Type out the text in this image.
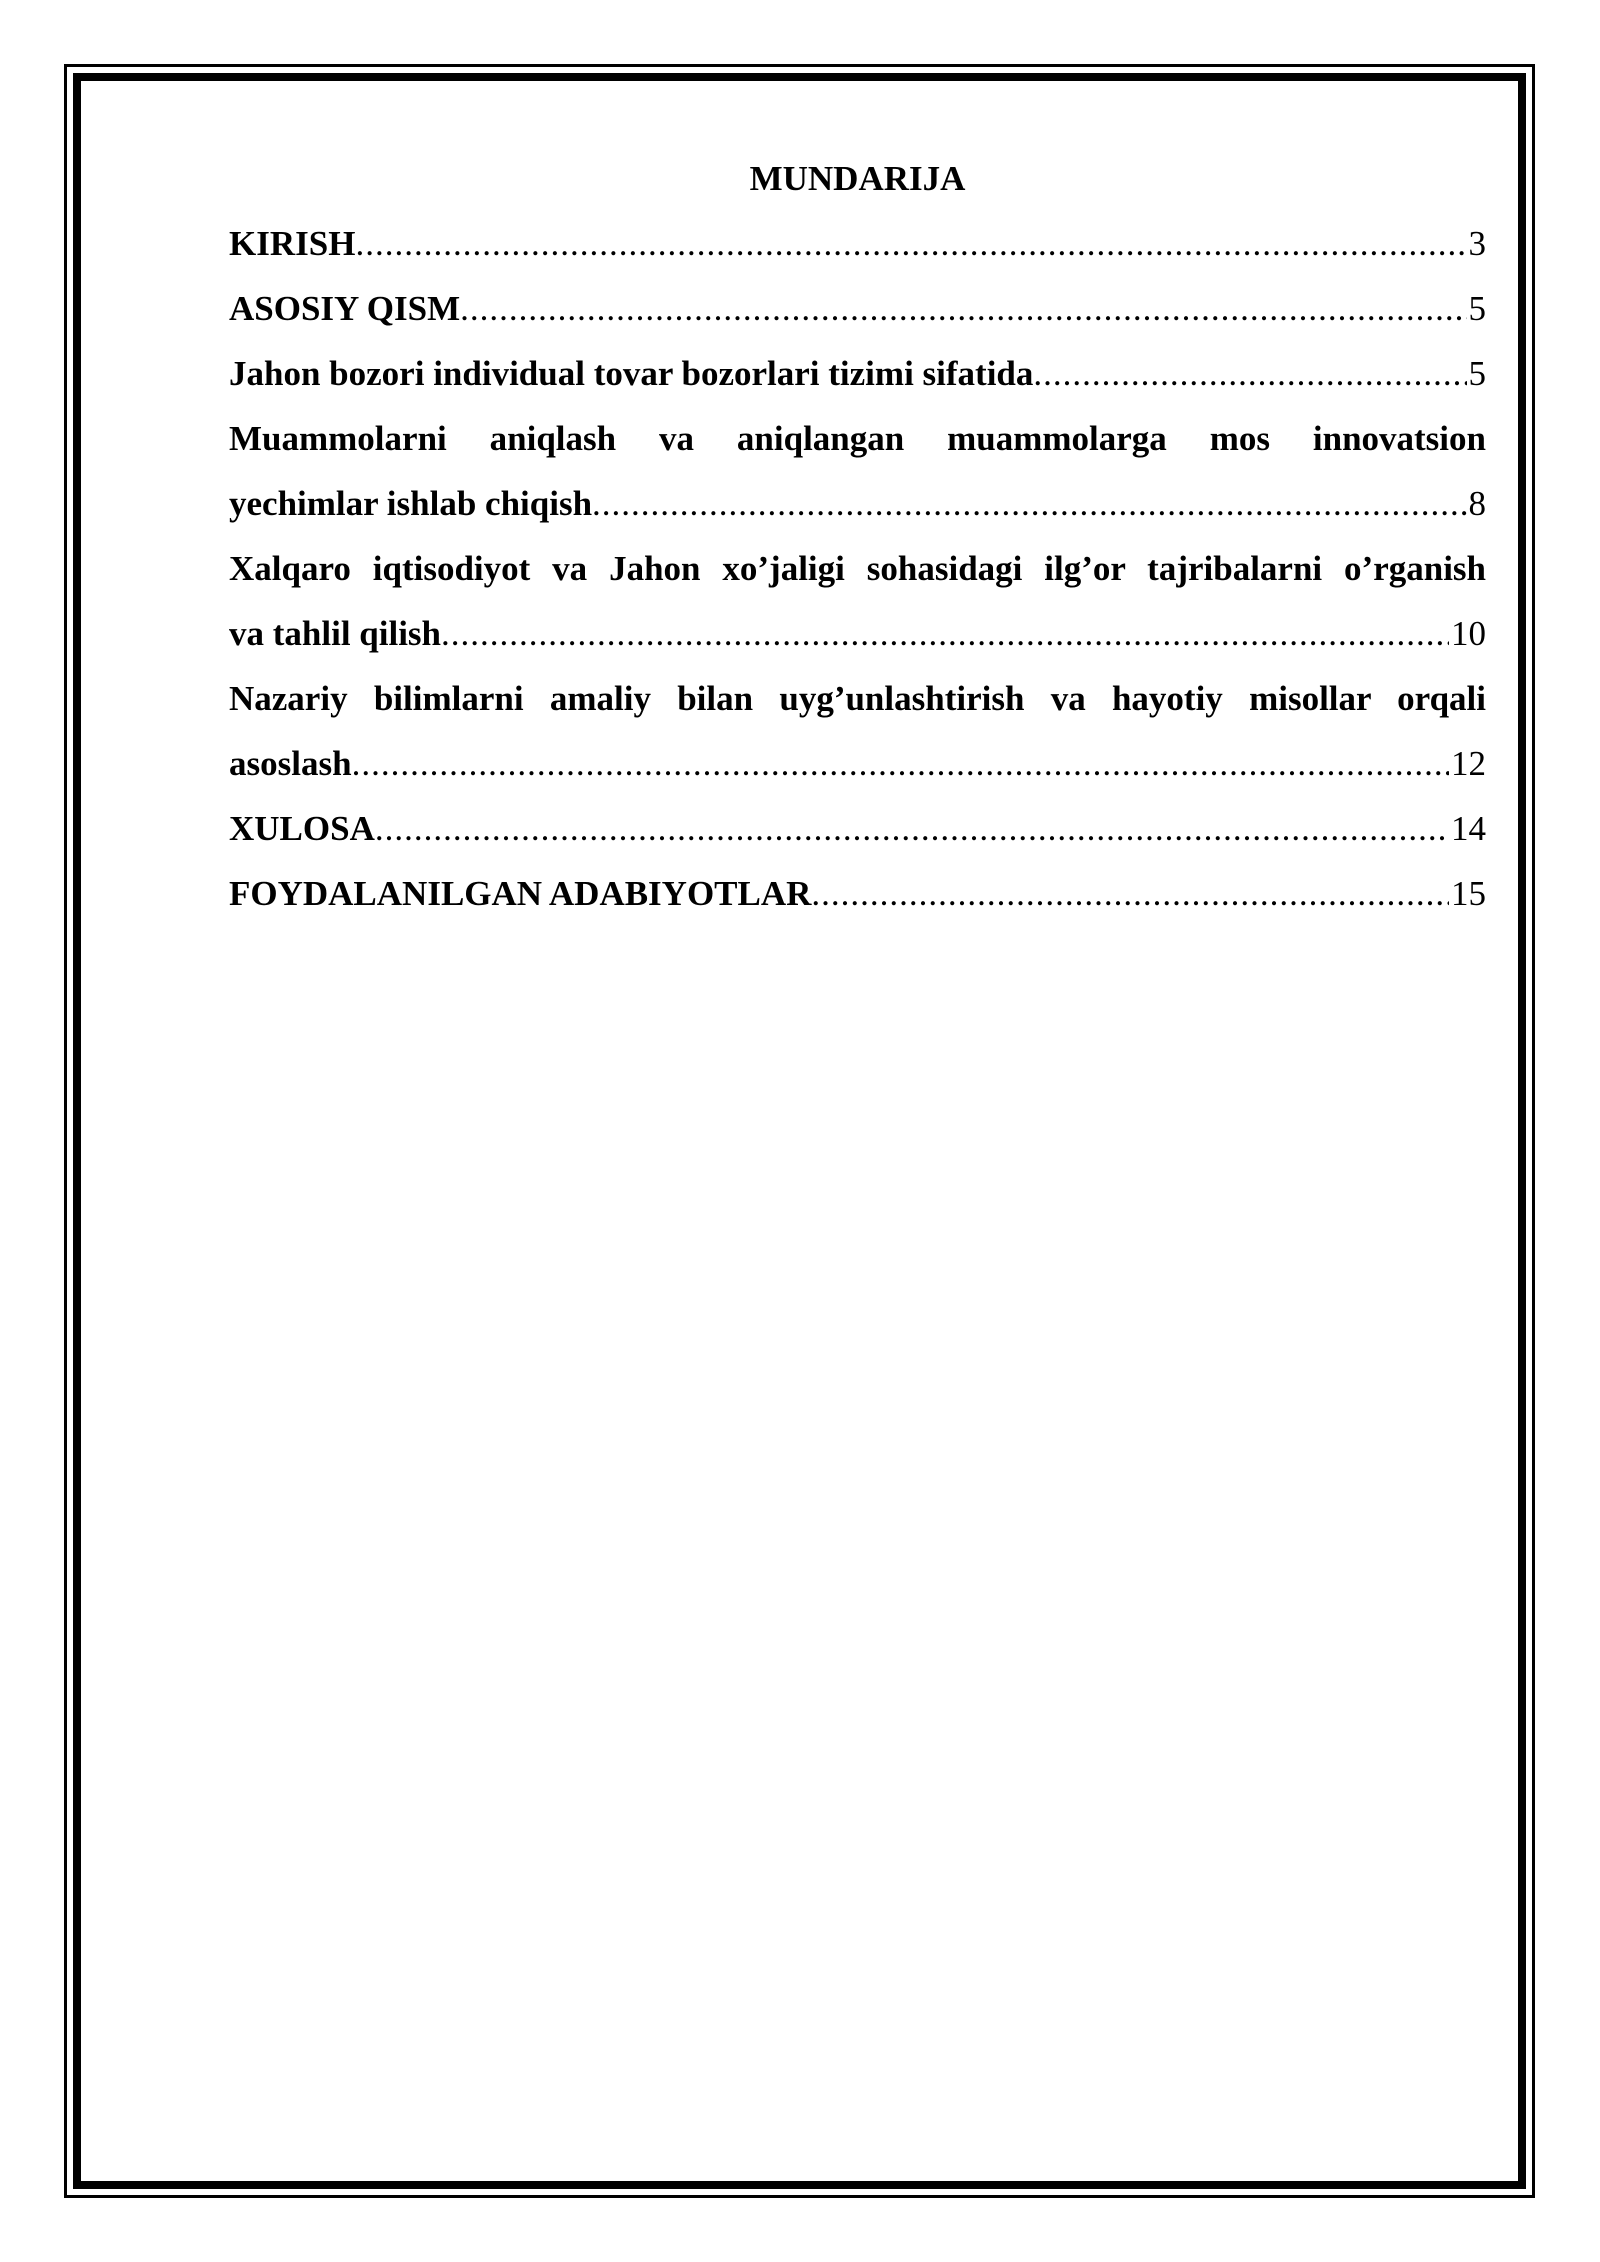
MUNDARIJA
KIRISH .....	3
ASOSIY QISM .....	5
Jahon bozori individual tovar bozorlari tizimi sifatida .....	5
Muammolarni aniqlash va aniqlangan muammolarga mos innovatsion
yechimlar ishlab chiqish .....	8
Xalqaro iqtisodiyot va Jahon xo’jaligi sohasidagi ilg’or tajribalarni o’rganish
va tahlil qilish .....	10
Nazariy bilimlarni amaliy bilan uyg’unlashtirish va hayotiy misollar orqali
asoslash .....	12
XULOSA .....	14
FOYDALANILGAN ADABIYOTLAR .....	15
